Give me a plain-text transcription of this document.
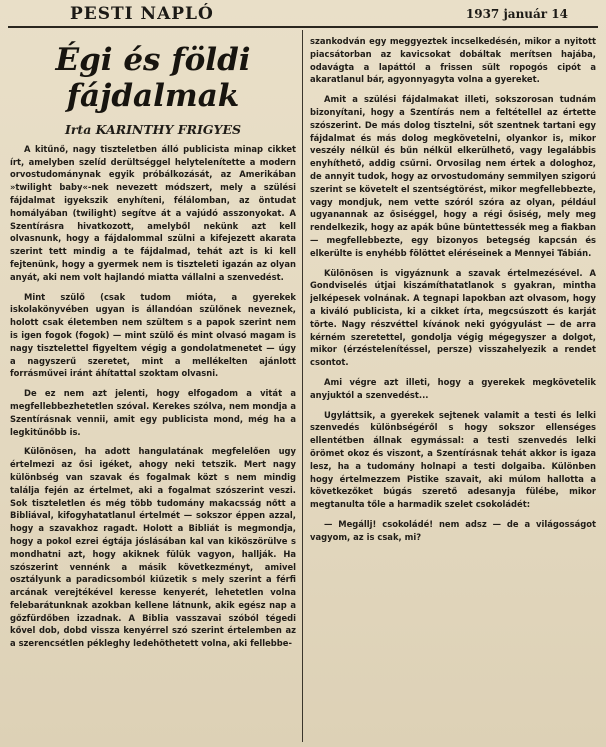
PESTI NAPLÓ	1937 január 14
Égi és földi
fájdalmak
Irta KARINTHY FRIGYES

A kitűnő, nagy tiszteletben álló publicista minap cikket írt, amelyben szelíd derültséggel helytelenítette a modern orvostudománynak egyik próbálkozását, az Amerikában »twilight baby«-nek nevezett módszert, mely a szülési fájdalmat igyekszik enyhíteni, félálomban, az öntudat homályában (twilight) segítve át a vajúdó asszonyokat. A Szentírásra hivatkozott, amelyből nekünk azt kell olvasnunk, hogy a fájdalommal szülni a kifejezett akarata szerint tett mindig a te fájdalmad, tehát azt is ki kell fejtenünk, hogy a gyermek nem is tiszteleti igazán az olyan anyát, aki nem volt hajlandó miatta vállalni a szenvedést.

Mint szülő (csak tudom mióta, a gyerekek iskolakönyvében ugyan is állandóan szülőnek neveznek, holott csak életemben nem szültem s a papok szerint nem is igen fogok (fogok) — mint szülő és mint olvasó magam is nagy tisztelettel figyeltem végig a gondolatmenetet — úgy a nagyszerű szeretet, mint a mellékelten ajánlott forrásművei iránt áhítattal szoktam olvasni.

De ez nem azt jelenti, hogy elfogadom a vitát a megfellebbezhetetlen szóval. Kerekes szólva, nem mondja a Szentírásnak vennii, amit egy publicista mond, még ha a legkitűnőbb is.

Különösen, ha adott hangulatának megfelelően ugy értelmezi az ősi igéket, ahogy neki tetszik. Mert nagy különbség van szavak és fogalmak közt s nem mindig találja fején az értelmet, aki a fogalmat szószerint veszi. Sok tiszteletlen és még több tudomány makacsság nőtt a Bibliával, kifogyhatatlanul értelmét — sokszor éppen azzal, hogy a szavakhoz ragadt. Holott a Bibliát is megmondja, hogy a pokol ezrei égtája jóslásában kal van kiköszörülve s mondhatni azt, hogy akiknek fülük vagyon, hallják. Ha szószerint vennénk a másik következményt, amivel osztályunk a paradicsomból kiűzetik s mely szerint a férfi arcának verejtékével keresse kenyerét, lehetetlen volna felebarátunknak azokban kellene látnunk, akik egész nap a gőzfürdőben izzadnak. A Biblia vasszavai szóból tégedi kővel dob, dobd vissza kenyérrel szó szerint értelemben az a szerencsétlen pékleghy ledehöthetett volna, aki fellebbe-

szankodván egy meggyeztek incselkedésén, mikor a nyitott piacsátorban az kavicsokat dobáltak merítsen hajába, odavágta a lapáttól a frissen sült ropogós cipót a akaratlanul bár, agyonnyagyta volna a gyereket.

Amit a szülési fájdalmakat illeti, sokszorosan tudnám bizonyítani, hogy a Szentírás nem a feltétellel az értette szószerint. De más dolog tisztelni, sőt szentnek tartani egy fájdalmat és más dolog megkövetelni, olyankor is, mikor veszély nélkül és bűn nélkül elkerülhető, vagy legalábbis enyhíthető, addig csűrni. Orvosilag nem értek a dologhoz, de annyit tudok, hogy az orvostudomány semmilyen szigorú szerint se követelt el szentségtörést, mikor megfellebbezte, vagy mondjuk, nem vette szóról szóra az olyan, például ugyanannak az ősiséggel, hogy a régi ősiség, mely meg rendelkezik, hogy az apák bűne büntettessék meg a fiakban — megfellebbezte, egy bizonyos betegség kapcsán és elkerülte is enyhébb fölöttet eléréseinek a Mennyei Tábián.

Különösen is vigyáznunk a szavak értelmezésével. A Gondviselés útjai kiszámíthatatlanok s gyakran, mintha jelképesek volnának. A tegnapi lapokban azt olvasom, hogy a kiváló publicista, ki a cikket írta, megcsúszott és karját törte. Nagy részvéttel kívánok neki gyógyulást — de arra kérném szeretettel, gondolja végig mégegyszer a dolgot, mikor (érzéstelenítéssel, persze) visszahelyezik a rendet csontot.

Ami végre azt illeti, hogy a gyerekek megkövetelik anyjuktól a szenvedést...

Ugyláttsik, a gyerekek sejtenek valamit a testi és lelki szenvedés különbségéről s hogy sokszor ellenséges ellentétben állnak egymással: a testi szenvedés lelki örömet okoz és viszont, a Szentírásnak tehát akkor is igaza lesz, ha a tudomány holnapi a testi dolgaiba. Különben hogy értelmezzem Pistike szavait, aki múlom hallotta a következőket búgás szerető adesanyja fülébe, mikor megtanulta tőle a harmadik szelet csokoládét:

— Megállj! csokoládé! nem adsz — de a világosságot vagyom, az is csak, mi?
